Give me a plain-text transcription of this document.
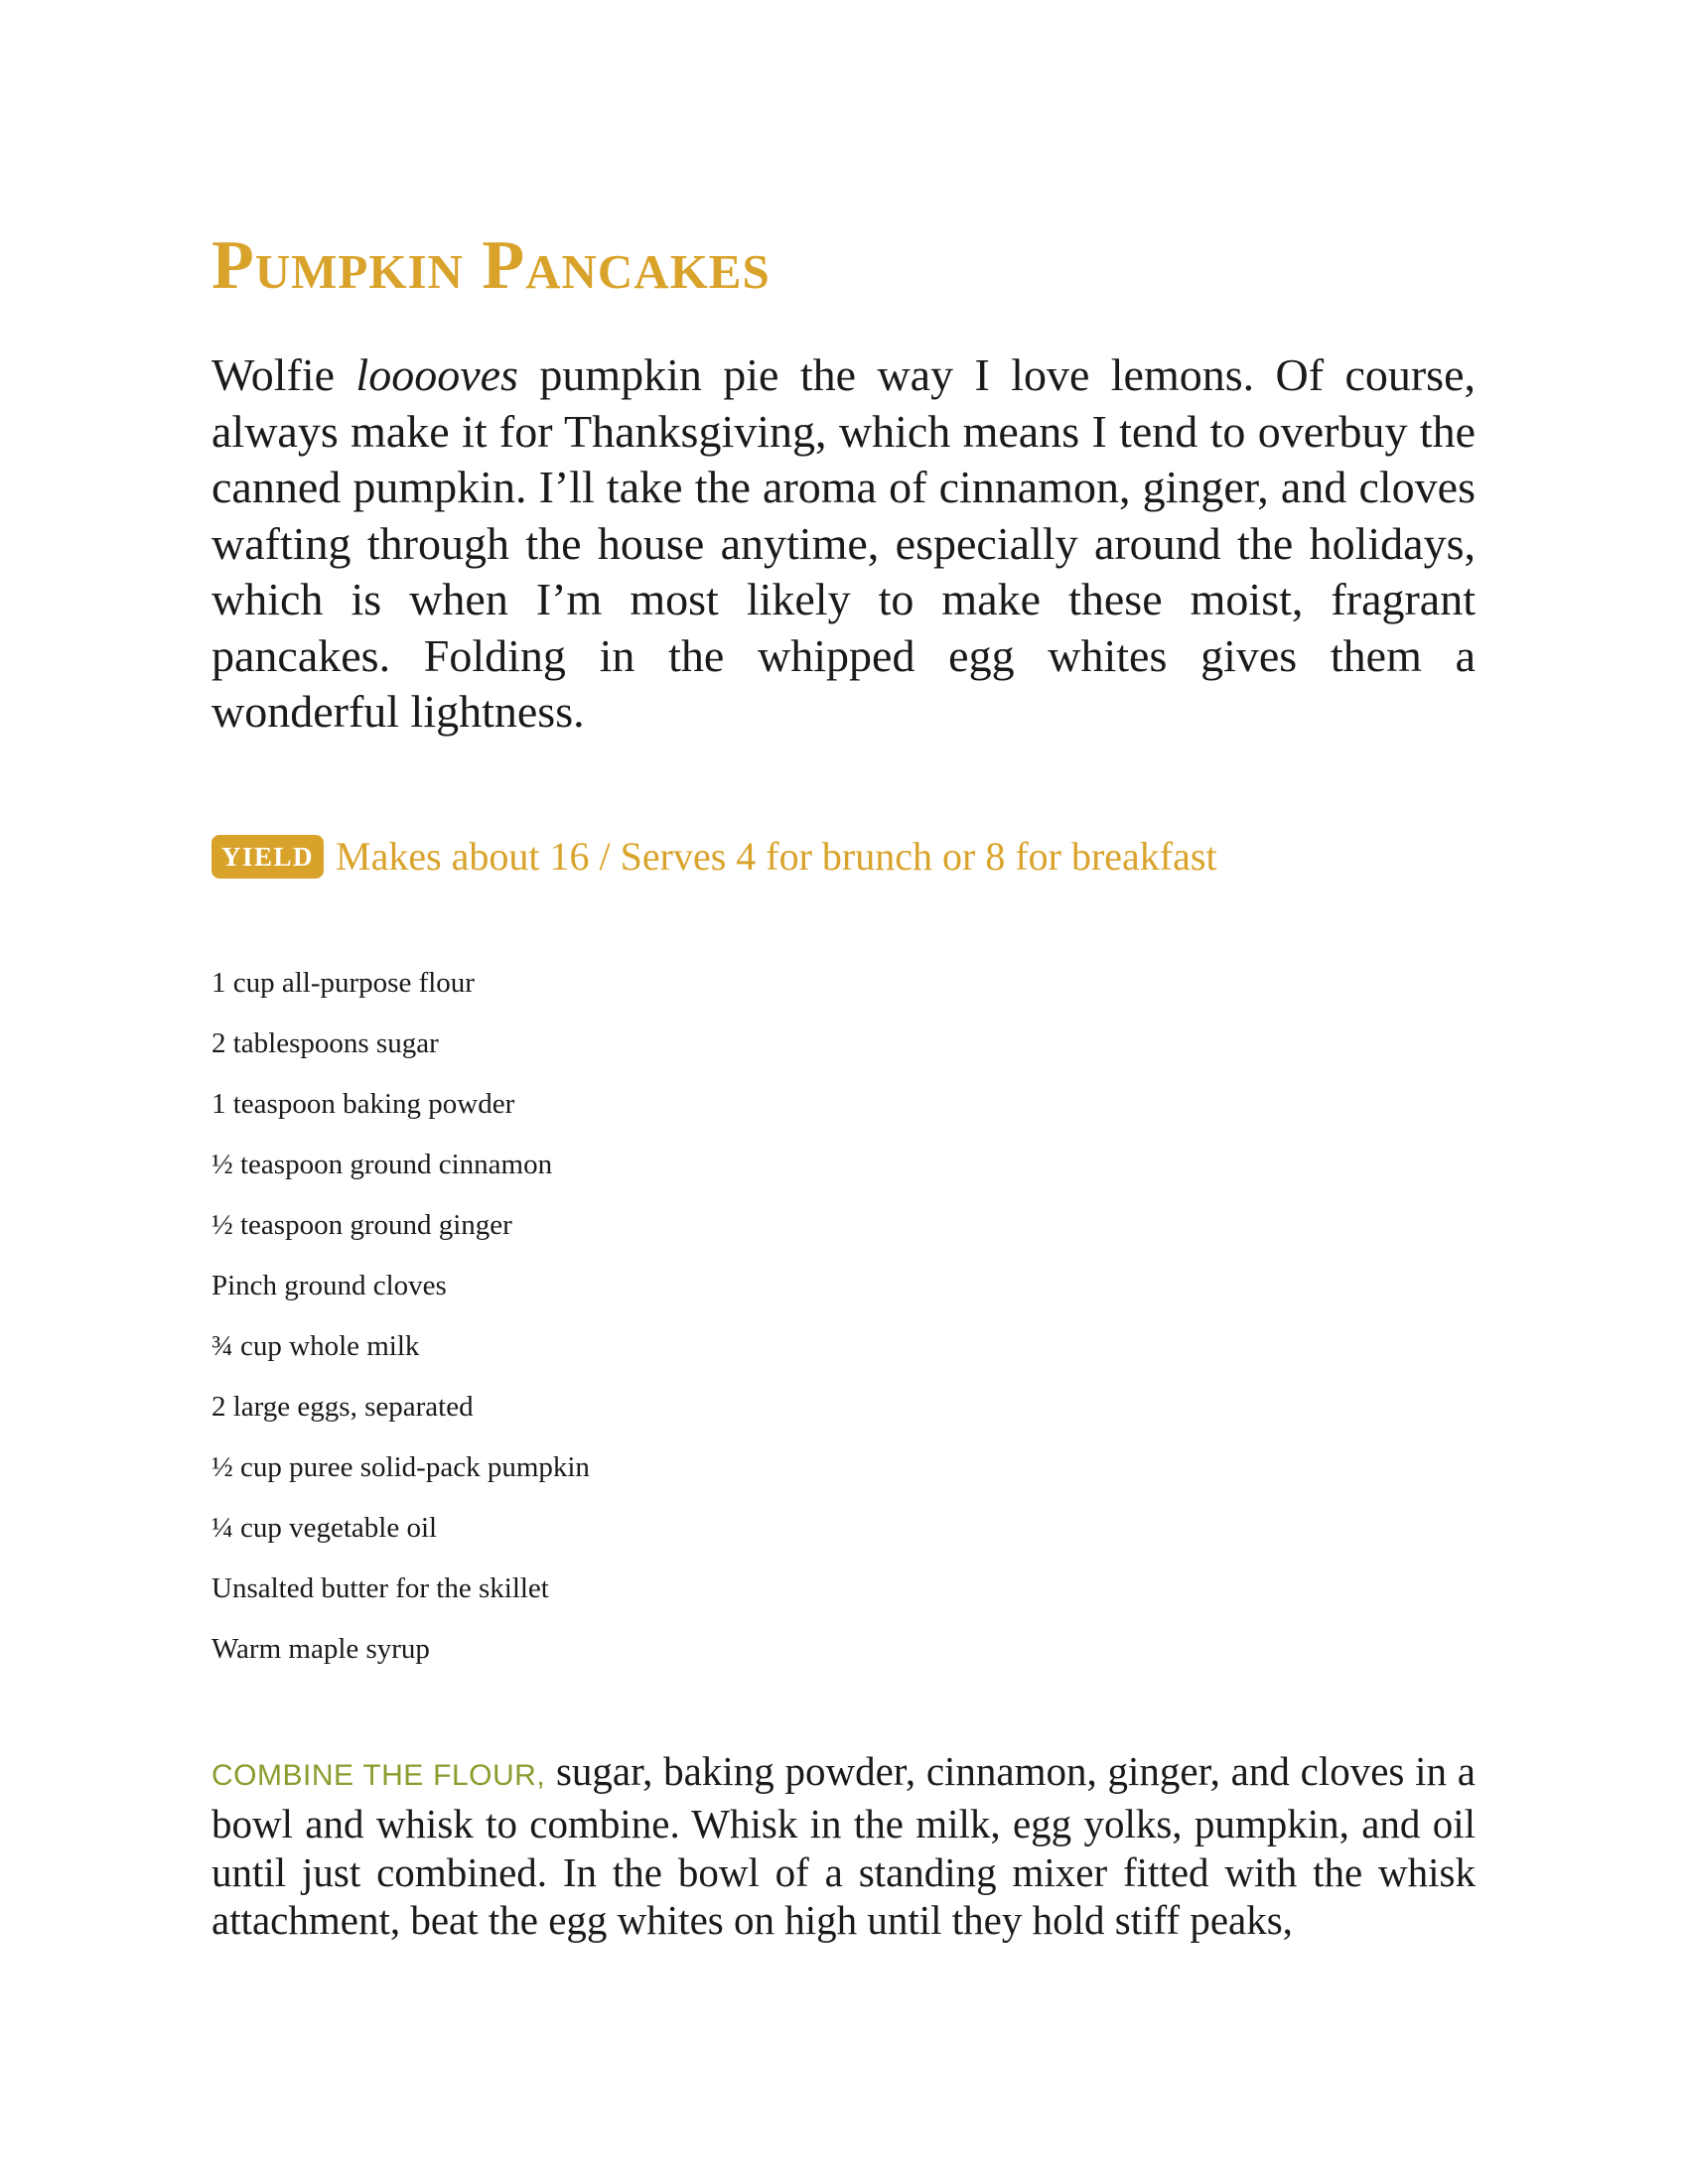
Pumpkin Pancakes

Wolfie looooves pumpkin pie the way I love lemons. Of course, always make it for Thanksgiving, which means I tend to overbuy the canned pumpkin. I’ll take the aroma of cinnamon, ginger, and cloves wafting through the house anytime, especially around the holidays, which is when I’m most likely to make these moist, fragrant pancakes. Folding in the whipped egg whites gives them a wonderful lightness.

YIELD Makes about 16 / Serves 4 for brunch or 8 for breakfast
1 cup all-purpose flour
2 tablespoons sugar
1 teaspoon baking powder
½ teaspoon ground cinnamon
½ teaspoon ground ginger
Pinch ground cloves
¾ cup whole milk
2 large eggs, separated
½ cup puree solid-pack pumpkin
¼ cup vegetable oil
Unsalted butter for the skillet
Warm maple syrup

COMBINE THE FLOUR, sugar, baking powder, cinnamon, ginger, and cloves in a bowl and whisk to combine. Whisk in the milk, egg yolks, pumpkin, and oil until just combined. In the bowl of a standing mixer fitted with the whisk attachment, beat the egg whites on high until they hold stiff peaks,
